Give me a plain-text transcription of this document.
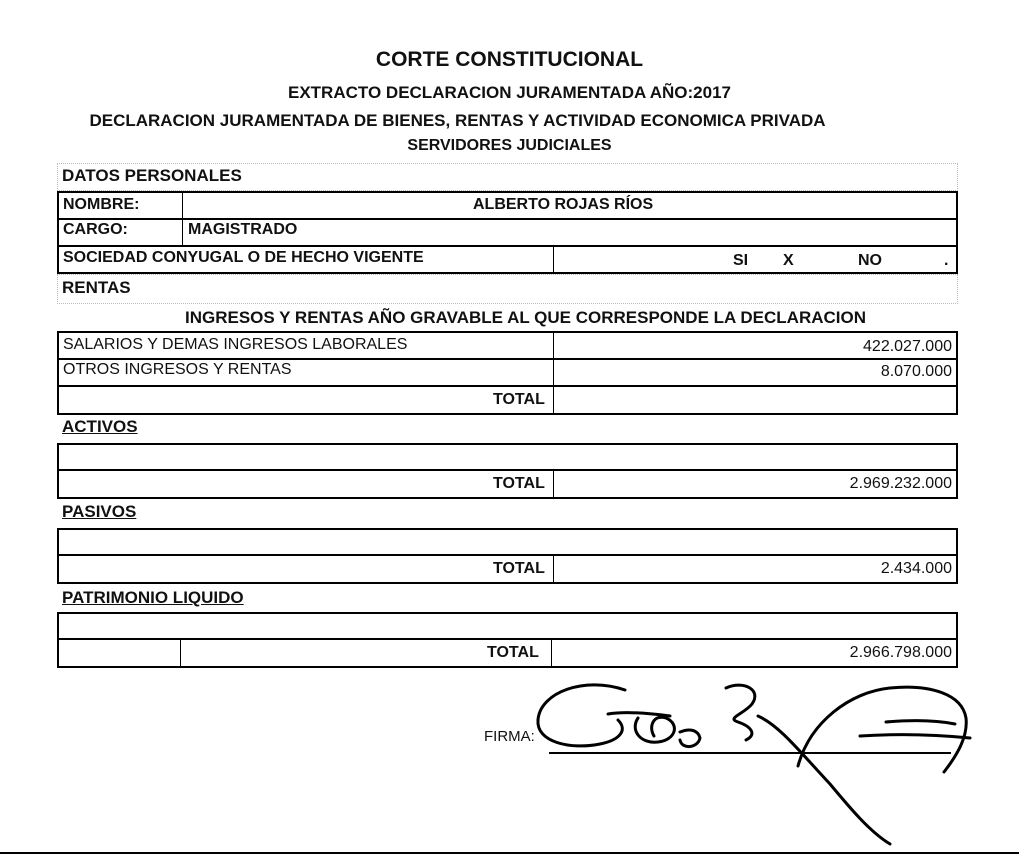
CORTE CONSTITUCIONAL
EXTRACTO DECLARACION JURAMENTADA AÑO:2017
DECLARACION JURAMENTADA DE BIENES, RENTAS Y ACTIVIDAD ECONOMICA PRIVADA
SERVIDORES JUDICIALES
DATOS PERSONALES
NOMBRE:	ALBERTO ROJAS RÍOS
CARGO:	MAGISTRADO
SOCIEDAD CONYUGAL O DE HECHO VIGENTE	SI X	NO	.
RENTAS
INGRESOS Y RENTAS AÑO GRAVABLE AL QUE CORRESPONDE LA DECLARACION
SALARIOS Y DEMAS INGRESOS LABORALES	422.027.000
OTROS INGRESOS Y RENTAS	8.070.000
TOTAL
ACTIVOS
TOTAL	2.969.232.000
PASIVOS
TOTAL	2.434.000
PATRIMONIO LIQUIDO
TOTAL	2.966.798.000
FIRMA:
